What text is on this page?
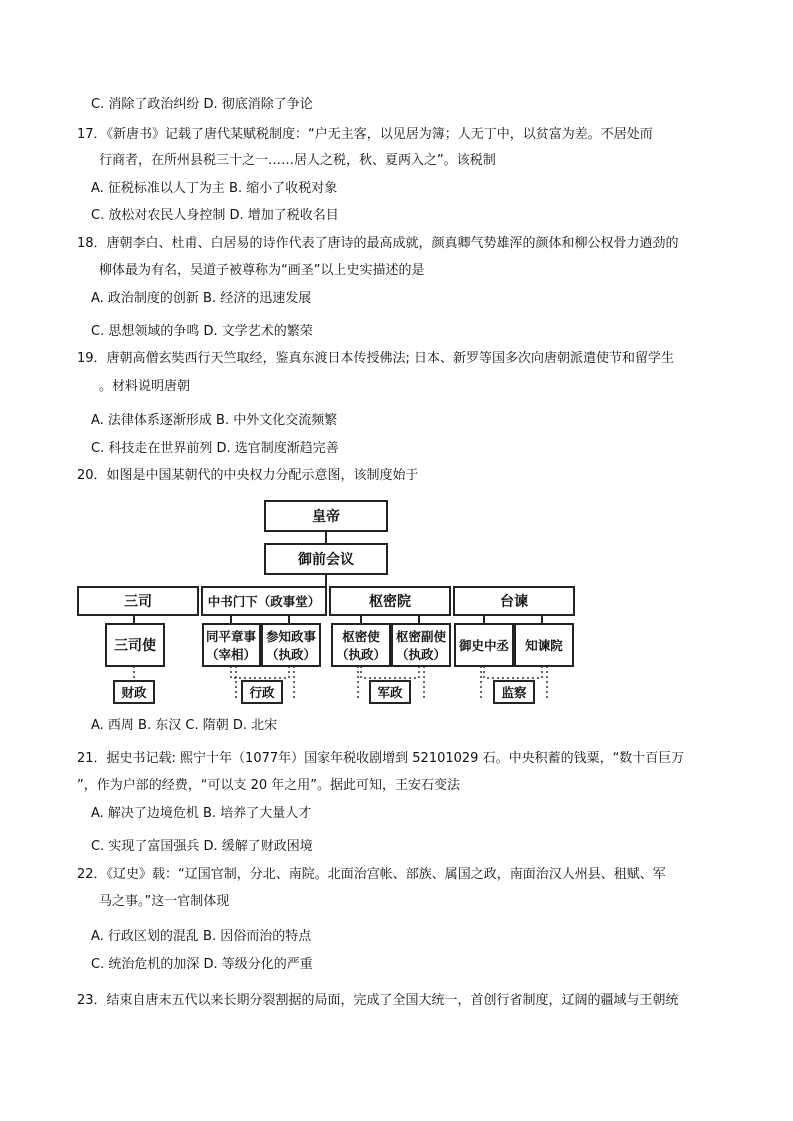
C. 消除了政治纠纷 D. 彻底消除了争论
17．《新唐书》记载了唐代某赋税制度：“户无主客，以见居为簿；人无丁中，以贫富为差。不居处而
行商者，在所州县税三十之一……居人之税，秋、夏两入之”。该税制
A. 征税标准以人丁为主 B. 缩小了收税对象
C. 放松对农民人身控制 D. 增加了税收名目
18．唐朝李白、杜甫、白居易的诗作代表了唐诗的最高成就，颜真卿气势雄浑的颜体和柳公权骨力遒劲的
柳体最为有名，吴道子被尊称为“画圣”以上史实描述的是
A. 政治制度的创新 B. 经济的迅速发展
C. 思想领域的争鸣 D. 文学艺术的繁荣
19．唐朝高僧玄奘西行天竺取经，鉴真东渡日本传授佛法; 日本、新罗等国多次向唐朝派遣使节和留学生
。材料说明唐朝
A. 法律体系逐渐形成 B. 中外文化交流频繁
C. 科技走在世界前列 D. 选官制度渐趋完善
20．如图是中国某朝代的中央权力分配示意图，该制度始于
皇帝
御前会议
三司	中书门下（政事堂）	枢密院	台谏
三司使
同平章事
（宰相）
参知政事
（执政）
枢密使
（执政）
枢密副使
（执政）
御史中丞 知谏院
财政	行政	军政	监察
A. 西周 B. 东汉 C. 隋朝 D. 北宋
21．据史书记载: 熙宁十年（1077年）国家年税收剧增到 52101029 石。中央积蓄的钱粟，“数十百巨万
”，作为户部的经费，“可以支 20 年之用”。据此可知，王安石变法
A. 解决了边境危机 B. 培养了大量人才
C. 实现了富国强兵 D. 缓解了财政困境
22．《辽史》载：“辽国官制，分北、南院。北面治宫帐、部族、属国之政，南面治汉人州县、租赋、军
马之事。”这一官制体现
A. 行政区划的混乱 B. 因俗而治的特点
C. 统治危机的加深 D. 等级分化的严重
23．结束自唐末五代以来长期分裂割据的局面，完成了全国大统一，首创行省制度，辽阔的疆域与王朝统
